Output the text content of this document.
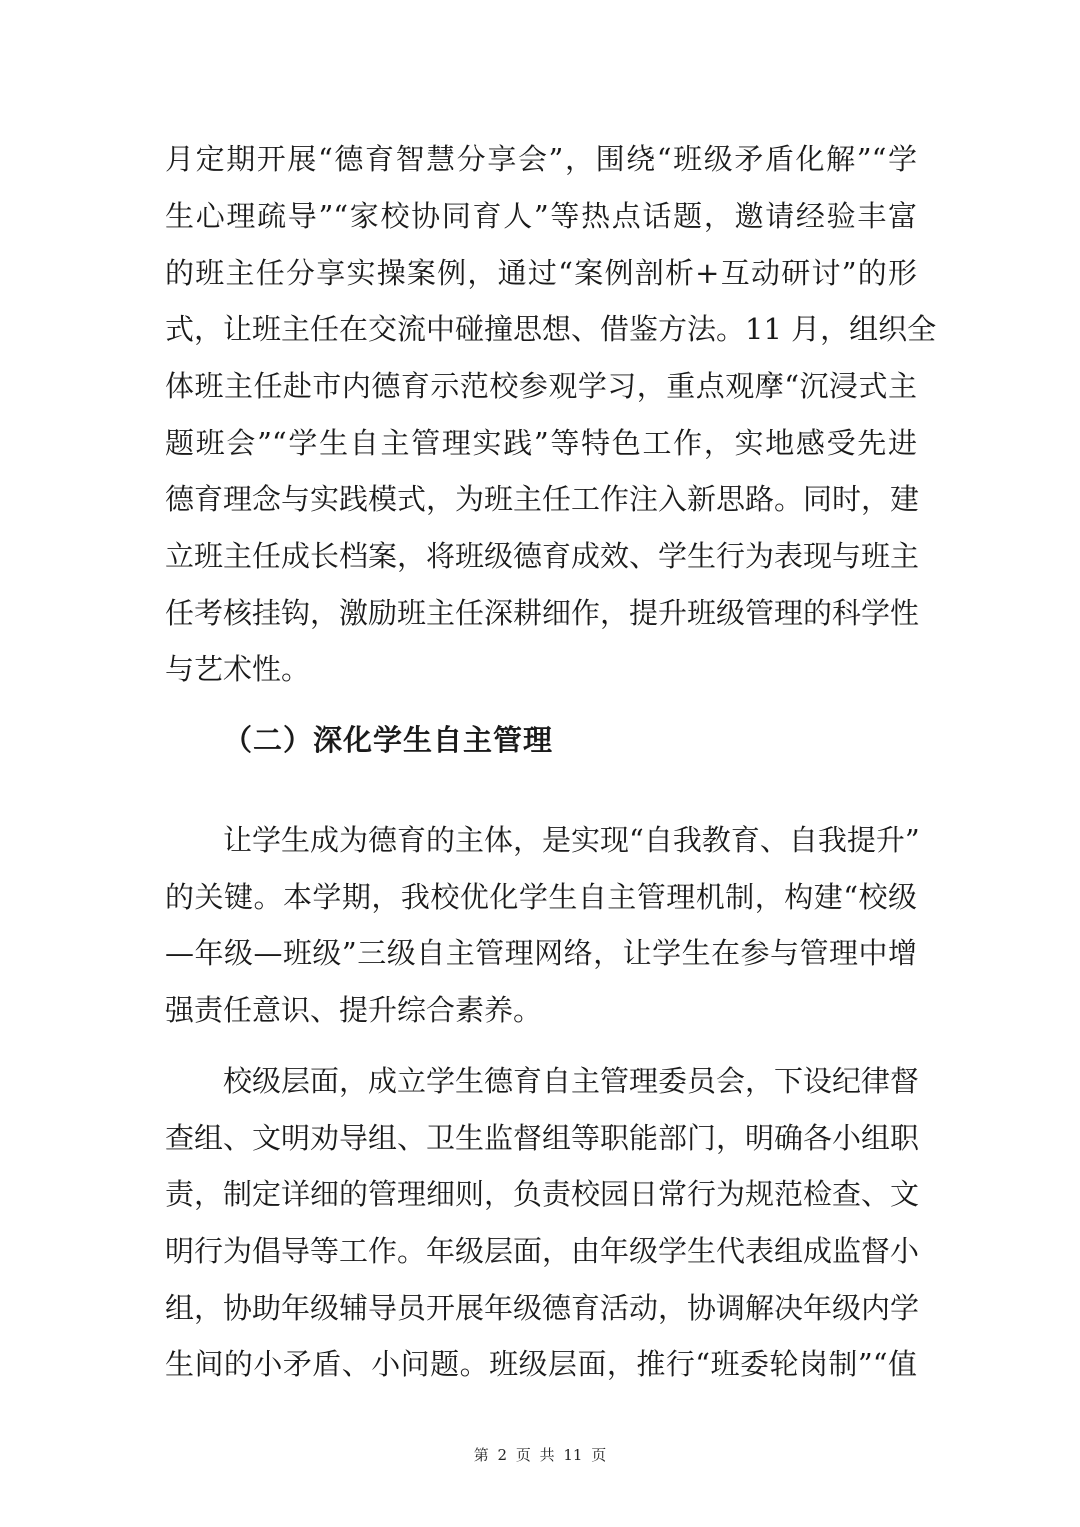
月定期开展“德育智慧分享会”，围绕“班级矛盾化解”“学
生心理疏导”“家校协同育人”等热点话题，邀请经验丰富
的班主任分享实操案例，通过“案例剖析+互动研讨”的形
式，让班主任在交流中碰撞思想、借鉴方法。11 月，组织全
体班主任赴市内德育示范校参观学习，重点观摩“沉浸式主
题班会”“学生自主管理实践”等特色工作，实地感受先进
德育理念与实践模式，为班主任工作注入新思路。同时，建
立班主任成长档案，将班级德育成效、学生行为表现与班主
任考核挂钩，激励班主任深耕细作，提升班级管理的科学性
与艺术性。
（二）深化学生自主管理
让学生成为德育的主体，是实现“自我教育、自我提升”
的关键。本学期，我校优化学生自主管理机制，构建“校级
—年级—班级”三级自主管理网络，让学生在参与管理中增
强责任意识、提升综合素养。
校级层面，成立学生德育自主管理委员会，下设纪律督
查组、文明劝导组、卫生监督组等职能部门，明确各小组职
责，制定详细的管理细则，负责校园日常行为规范检查、文
明行为倡导等工作。年级层面，由年级学生代表组成监督小
组，协助年级辅导员开展年级德育活动，协调解决年级内学
生间的小矛盾、小问题。班级层面，推行“班委轮岗制”“值
第 2 页 共 11 页
